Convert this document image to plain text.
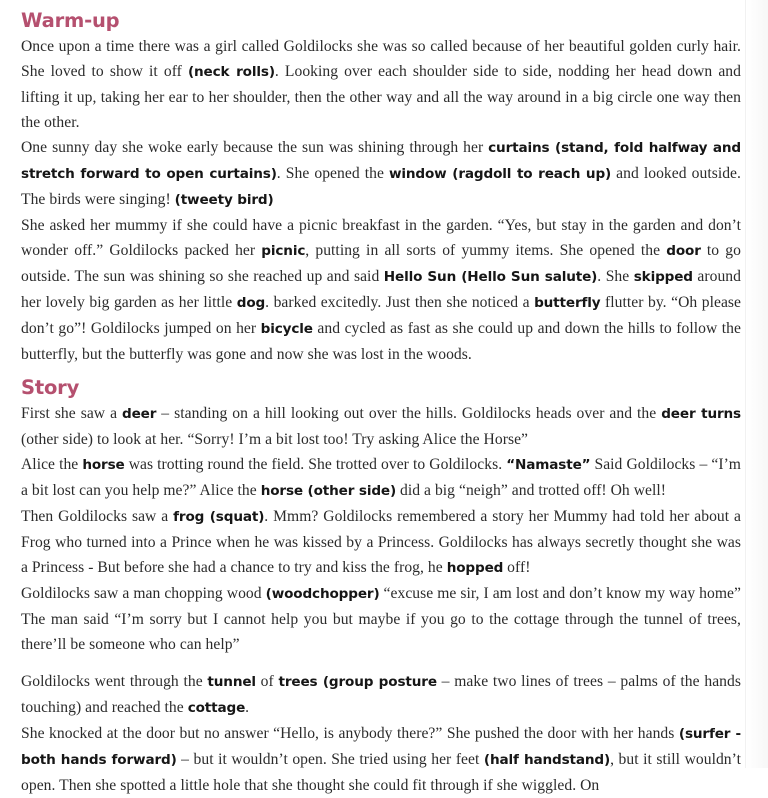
Warm-up

Once upon a time there was a girl called Goldilocks she was so called because of her beautiful golden curly hair. She loved to show it off (neck rolls). Looking over each shoulder side to side, nodding her head down and lifting it up, taking her ear to her shoulder, then the other way and all the way around in a big circle one way then the other.

One sunny day she woke early because the sun was shining through her curtains (stand, fold halfway and stretch forward to open curtains). She opened the window (ragdoll to reach up) and looked outside. The birds were singing! (tweety bird)

She asked her mummy if she could have a picnic breakfast in the garden. “Yes, but stay in the garden and don’t wonder off.” Goldilocks packed her picnic, putting in all sorts of yummy items. She opened the door to go outside. The sun was shining so she reached up and said Hello Sun (Hello Sun salute). She skipped around her lovely big garden as her little dog. barked excitedly. Just then she noticed a butterfly flutter by. “Oh please don’t go”! Goldilocks jumped on her bicycle and cycled as fast as she could up and down the hills to follow the butterfly, but the butterfly was gone and now she was lost in the woods.

Story

First she saw a deer – standing on a hill looking out over the hills. Goldilocks heads over and the deer turns (other side) to look at her. “Sorry! I’m a bit lost too! Try asking Alice the Horse”

Alice the horse was trotting round the field. She trotted over to Goldilocks. “Namaste” Said Goldilocks – “I’m a bit lost can you help me?” Alice the horse (other side) did a big “neigh” and trotted off! Oh well!

Then Goldilocks saw a frog (squat). Mmm? Goldilocks remembered a story her Mummy had told her about a Frog who turned into a Prince when he was kissed by a Princess. Goldilocks has always secretly thought she was a Princess - But before she had a chance to try and kiss the frog, he hopped off!

Goldilocks saw a man chopping wood (woodchopper) “excuse me sir, I am lost and don’t know my way home” The man said “I’m sorry but I cannot help you but maybe if you go to the cottage through the tunnel of trees, there’ll be someone who can help”

Goldilocks went through the tunnel of trees (group posture – make two lines of trees – palms of the hands touching) and reached the cottage.

She knocked at the door but no answer “Hello, is anybody there?” She pushed the door with her hands (surfer - both hands forward) – but it wouldn’t open. She tried using her feet (half handstand), but it still wouldn’t open. Then she spotted a little hole that she thought she could fit through if she wiggled. On
